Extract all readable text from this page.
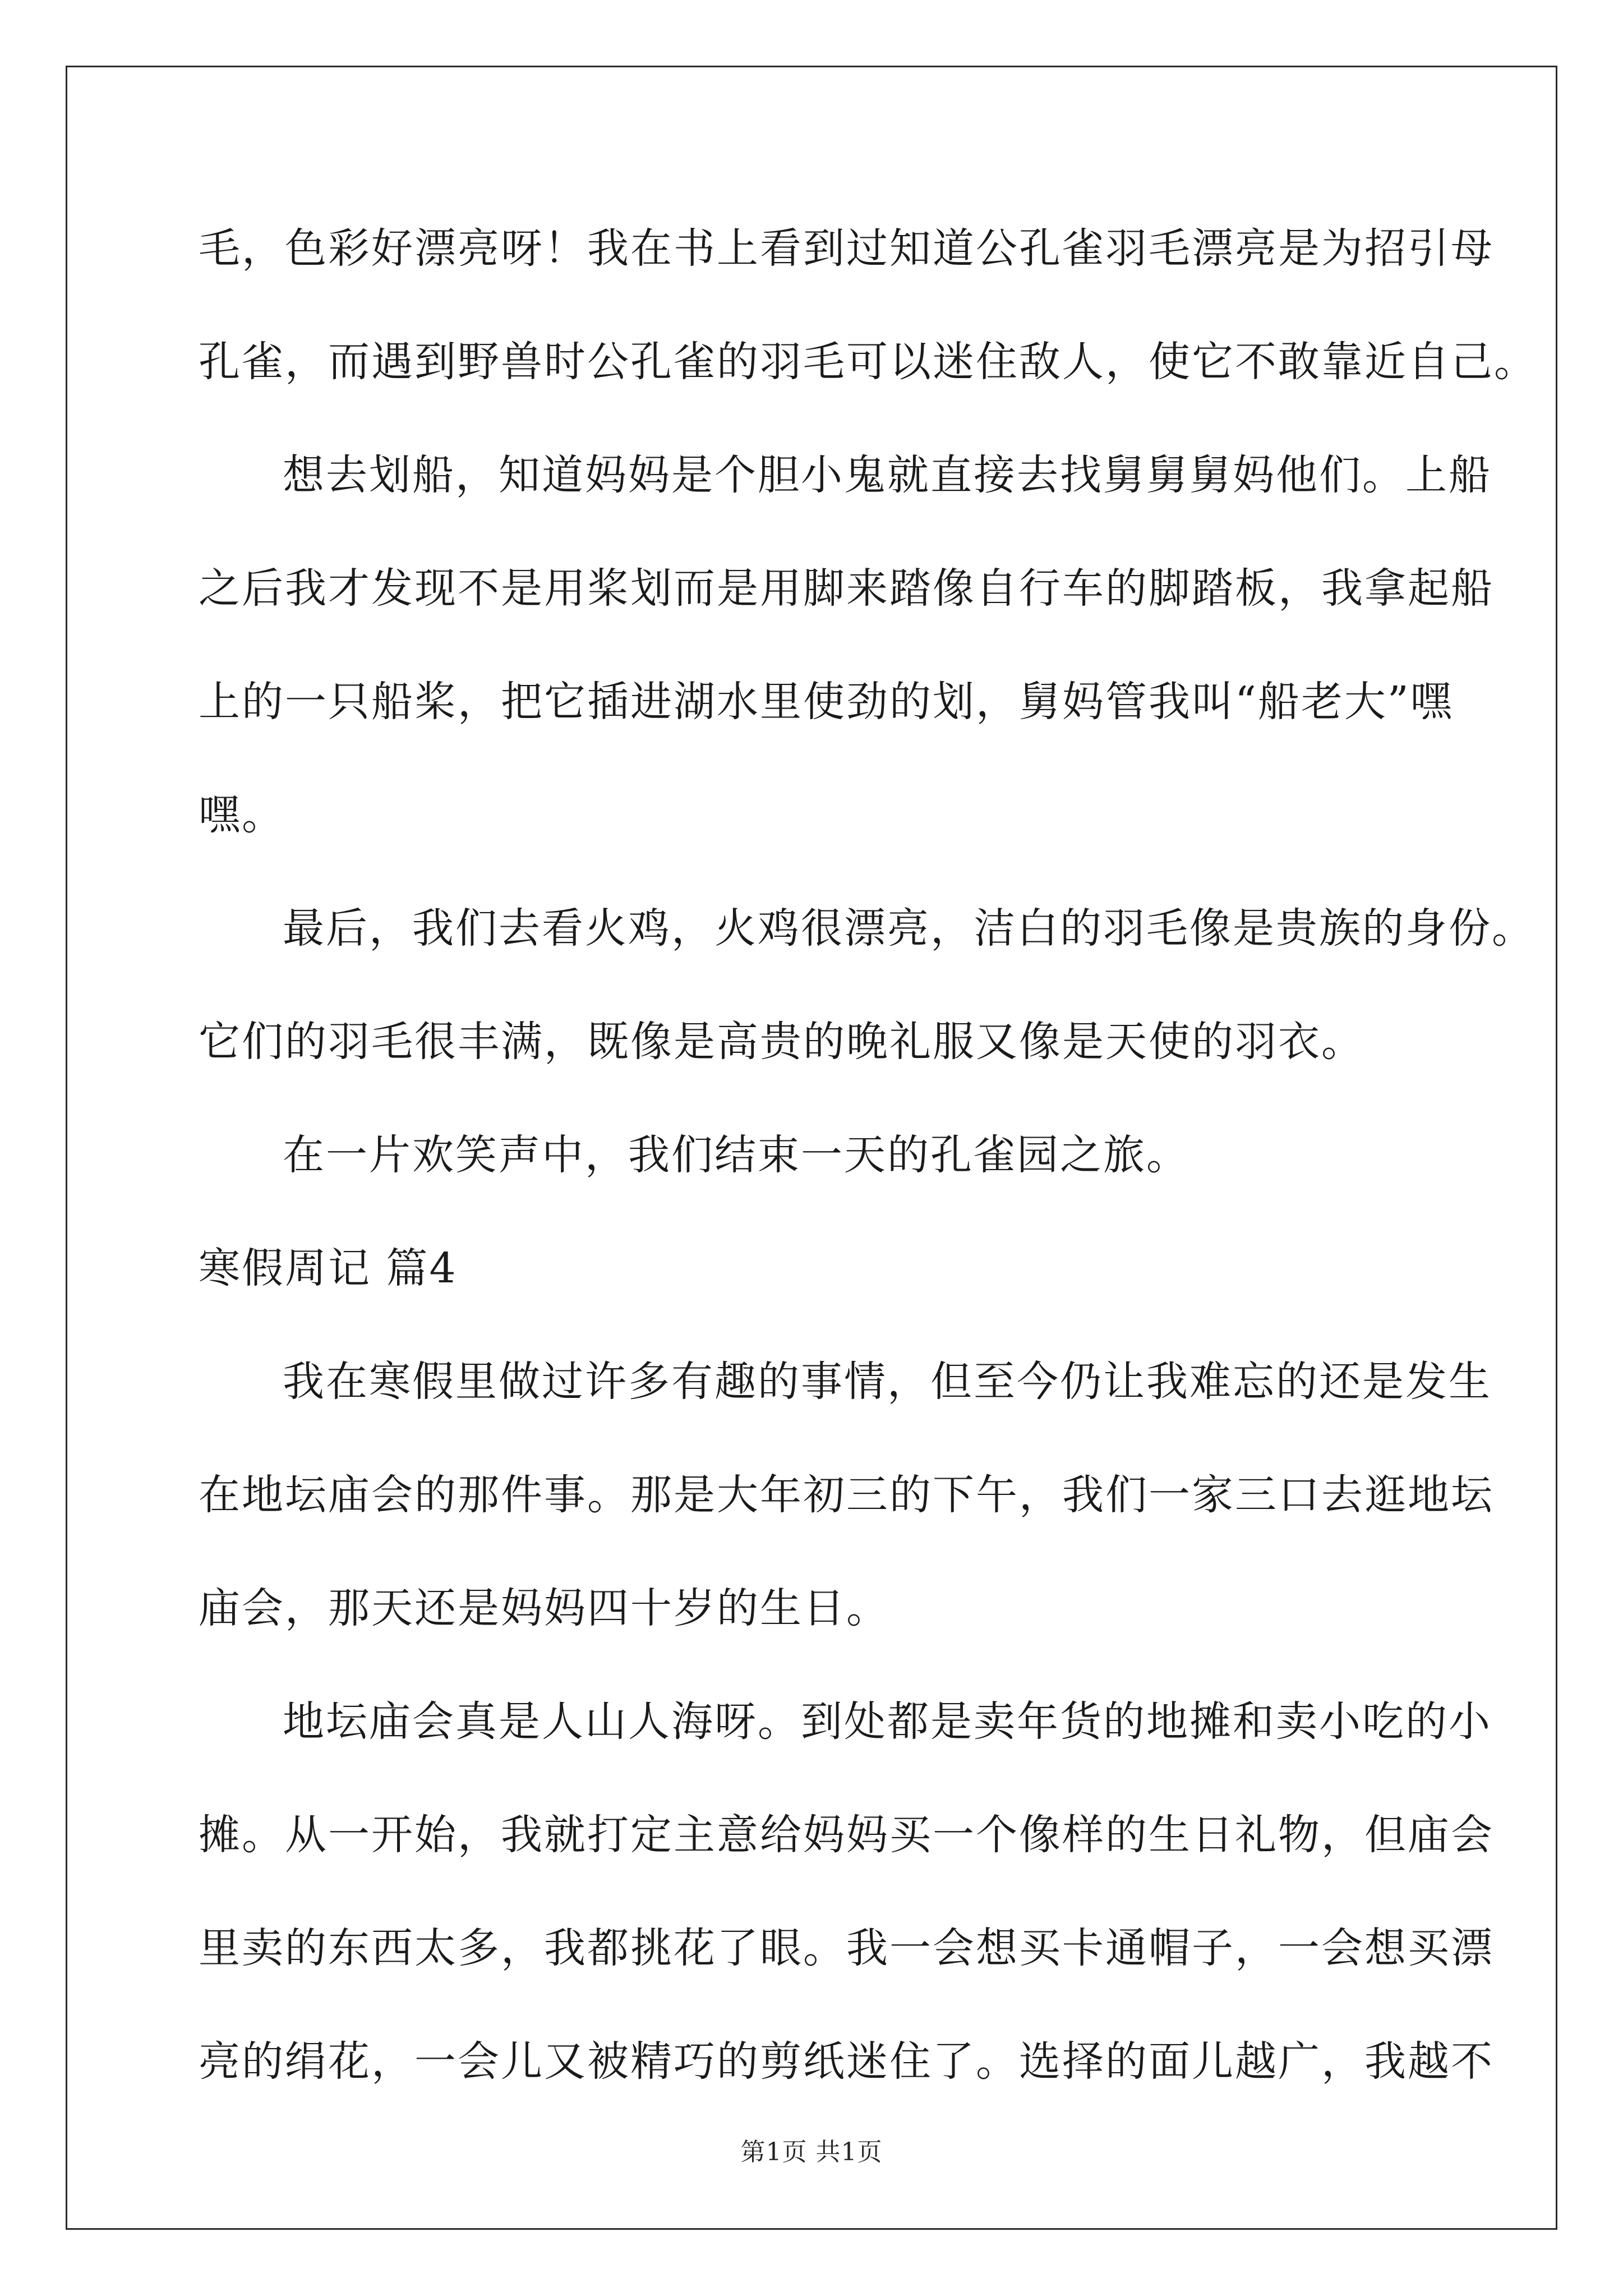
毛，色彩好漂亮呀！我在书上看到过知道公孔雀羽毛漂亮是为招引母
孔雀，而遇到野兽时公孔雀的羽毛可以迷住敌人，使它不敢靠近自己。
想去划船，知道妈妈是个胆小鬼就直接去找舅舅舅妈他们。上船
之后我才发现不是用桨划而是用脚来踏像自行车的脚踏板，我拿起船
上的一只船桨，把它插进湖水里使劲的划，舅妈管我叫“船老大”嘿
嘿。
最后，我们去看火鸡，火鸡很漂亮，洁白的羽毛像是贵族的身份。
它们的羽毛很丰满，既像是高贵的晚礼服又像是天使的羽衣。
在一片欢笑声中，我们结束一天的孔雀园之旅。
寒假周记 篇4
我在寒假里做过许多有趣的事情，但至今仍让我难忘的还是发生
在地坛庙会的那件事。那是大年初三的下午，我们一家三口去逛地坛
庙会，那天还是妈妈四十岁的生日。
地坛庙会真是人山人海呀。到处都是卖年货的地摊和卖小吃的小
摊。从一开始，我就打定主意给妈妈买一个像样的生日礼物，但庙会
里卖的东西太多，我都挑花了眼。我一会想买卡通帽子，一会想买漂
亮的绢花，一会儿又被精巧的剪纸迷住了。选择的面儿越广，我越不
第1页 共1页
